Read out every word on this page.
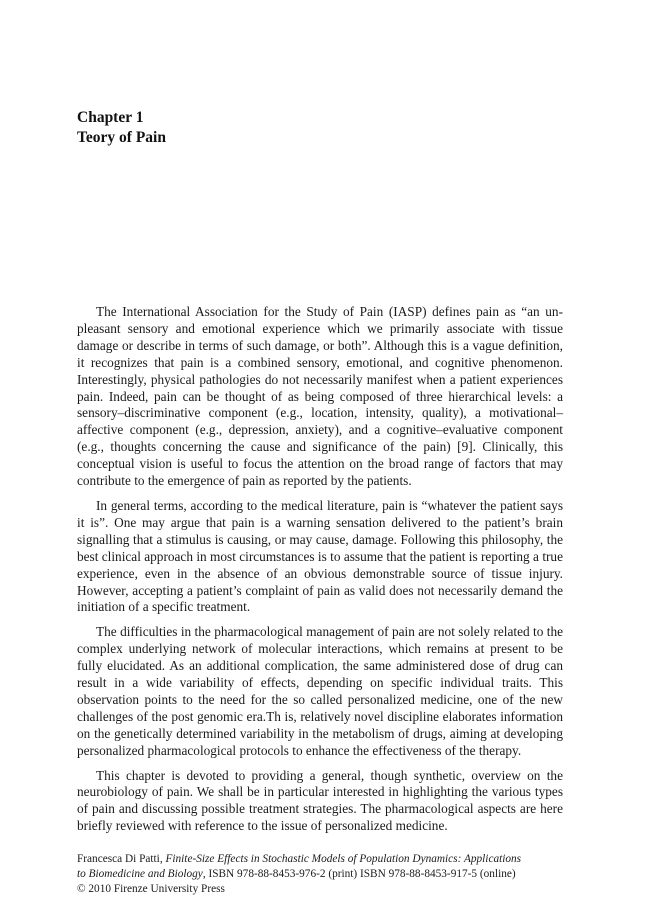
Chapter 1
Teory of Pain

The International Association for the Study of Pain (IASP) defines pain as “an unpleasant sensory and emotional experience which we primarily associate with tissue damage or describe in terms of such damage, or both”. Although this is a vague definition, it recognizes that pain is a combined sensory, emotional, and cognitive phenomenon. Interestingly, physical pathologies do not necessarily manifest when a patient experiences pain. Indeed, pain can be thought of as being composed of three hierarchical levels: a sensory–discriminative component (e.g., location, intensity, quality), a motivational–affective component (e.g., depression, anxiety), and a cognitive–evaluative component (e.g., thoughts concerning the cause and significance of the pain) [9]. Clinically, this conceptual vision is useful to focus the attention on the broad range of factors that may contribute to the emergence of pain as reported by the patients.

In general terms, according to the medical literature, pain is “whatever the patient says it is”. One may argue that pain is a warning sensation delivered to the patient’s brain signalling that a stimulus is causing, or may cause, damage. Following this philosophy, the best clinical approach in most circumstances is to assume that the patient is reporting a true experience, even in the absence of an obvious demonstrable source of tissue injury. However, accepting a patient’s complaint of pain as valid does not necessarily demand the initiation of a specific treatment.

The difficulties in the pharmacological management of pain are not solely related to the complex underlying network of molecular interactions, which remains at present to be fully elucidated. As an additional complication, the same administered dose of drug can result in a wide variability of effects, depending on specific individual traits. This observation points to the need for the so called personalized medicine, one of the new challenges of the post genomic era.Th is, relatively novel discipline elaborates information on the genetically determined variability in the metabolism of drugs, aiming at developing personalized pharmacological protocols to enhance the effectiveness of the therapy.

This chapter is devoted to providing a general, though synthetic, overview on the neurobiology of pain. We shall be in particular interested in highlighting the various types of pain and discussing possible treatment strategies. The pharmacological aspects are here briefly reviewed with reference to the issue of personalized medicine.

Francesca Di Patti, Finite-Size Effects in Stochastic Models of Population Dynamics: Applications
to Biomedicine and Biology, ISBN 978-88-8453-976-2 (print) ISBN 978-88-8453-917-5 (online)
© 2010 Firenze University Press
